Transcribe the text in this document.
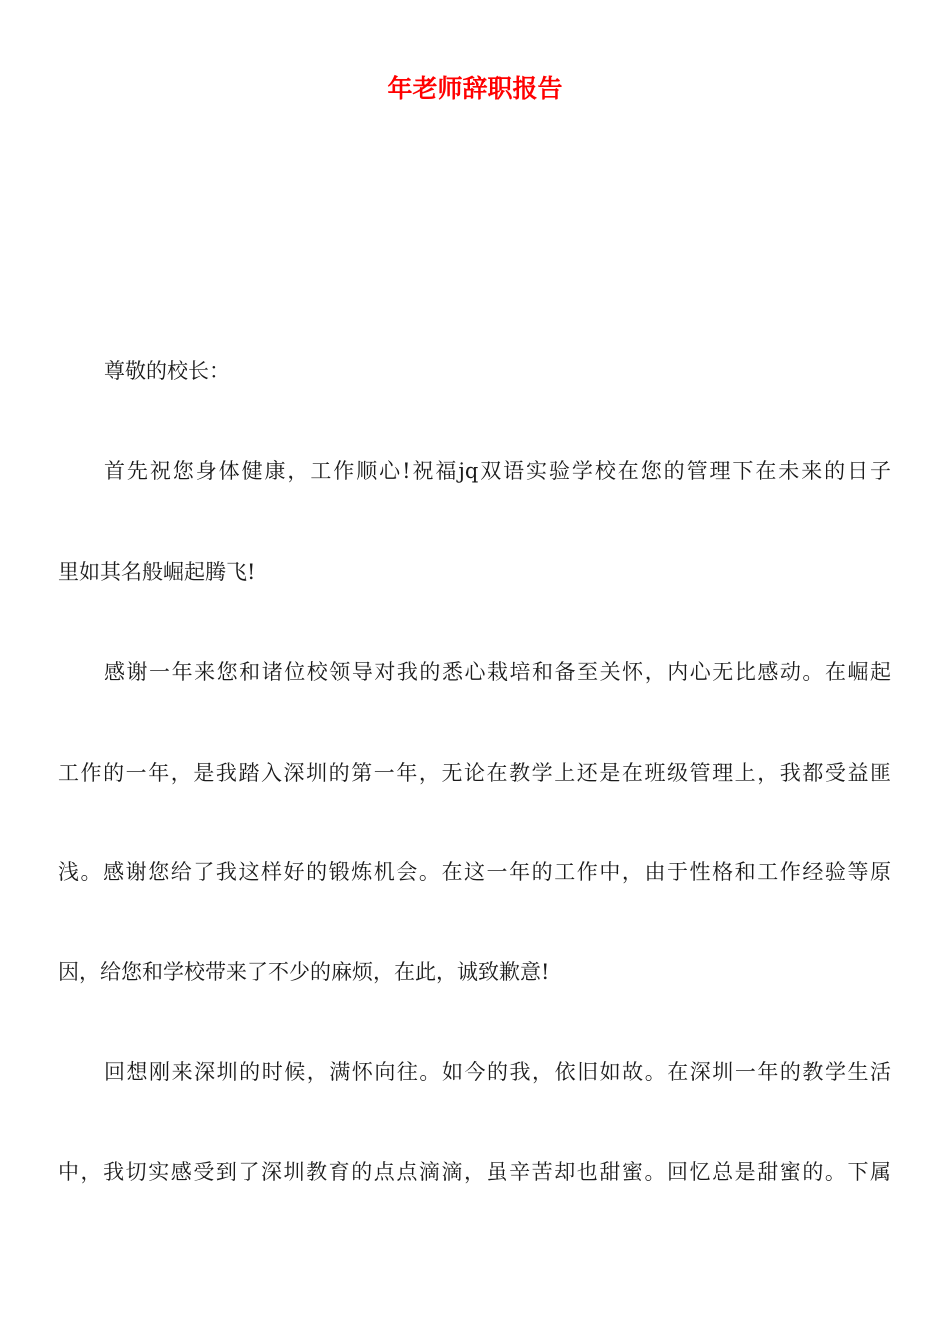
年老师辞职报告

尊敬的校长：

首先祝您身体健康，工作顺心!祝福jq双语实验学校在您的管理下在未来的日子

里如其名般崛起腾飞!

感谢一年来您和诸位校领导对我的悉心栽培和备至关怀，内心无比感动。在崛起

工作的一年，是我踏入深圳的第一年，无论在教学上还是在班级管理上，我都受益匪

浅。感谢您给了我这样好的锻炼机会。在这一年的工作中，由于性格和工作经验等原

因，给您和学校带来了不少的麻烦，在此，诚致歉意!

回想刚来深圳的时候，满怀向往。如今的我，依旧如故。在深圳一年的教学生活

中，我切实感受到了深圳教育的点点滴滴，虽辛苦却也甜蜜。回忆总是甜蜜的。下属
